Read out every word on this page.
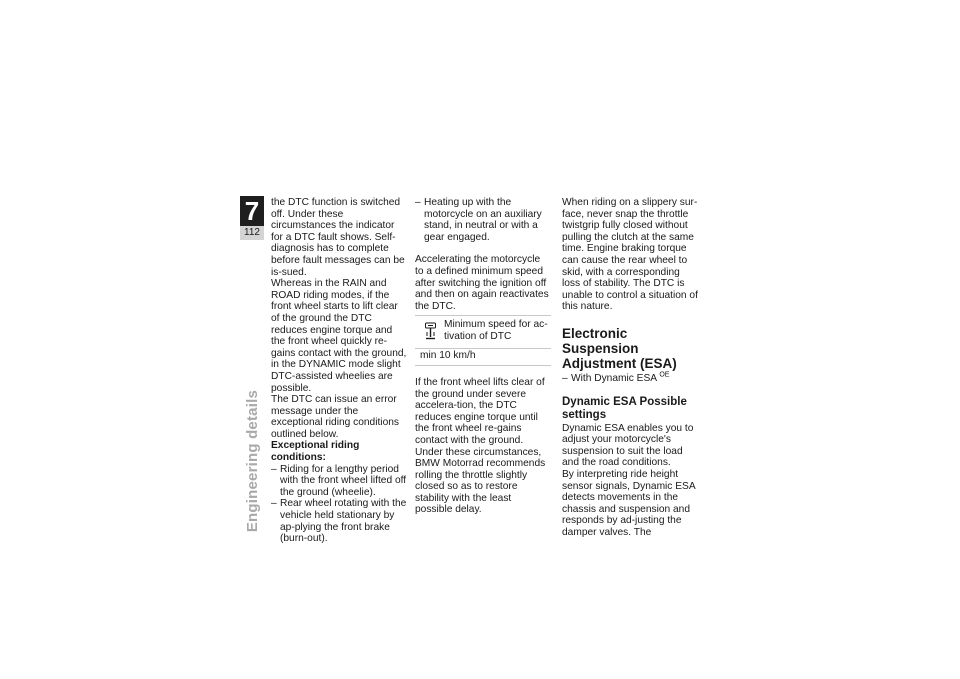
7
112
Engineering details

the DTC function is switched off. Under these circumstances the indicator for a DTC fault shows. Self-diagnosis has to complete before fault messages can be is-sued.

Whereas in the RAIN and ROAD riding modes, if the front wheel starts to lift clear of the ground the DTC reduces engine torque and the front wheel quickly re-gains contact with the ground, in the DYNAMIC mode slight DTC-assisted wheelies are possible.

The DTC can issue an error message under the exceptional riding conditions outlined below.

Exceptional riding conditions:

– Riding for a lengthy period with the front wheel lifted off the ground (wheelie).
– Rear wheel rotating with the vehicle held stationary by ap-plying the front brake (burn-out).
– Heating up with the motorcycle on an auxiliary stand, in neutral or with a gear engaged.

Accelerating the motorcycle to a defined minimum speed after switching the ignition off and then on again reactivates the DTC.

Minimum speed for ac-tivation of DTC
min 10 km/h

If the front wheel lifts clear of the ground under severe accelera-tion, the DTC reduces engine torque until the front wheel re-gains contact with the ground. Under these circumstances, BMW Motorrad recommends rolling the throttle slightly closed so as to restore stability with the least possible delay.

When riding on a slippery sur-face, never snap the throttle twistgrip fully closed without pulling the clutch at the same time. Engine braking torque can cause the rear wheel to skid, with a corresponding loss of stability. The DTC is unable to control a situation of this nature.

Electronic Suspension Adjustment (ESA)
– With Dynamic ESA $^{OE}$
Dynamic ESA Possible settings

Dynamic ESA enables you to adjust your motorcycle's suspension to suit the load and the road conditions.

By interpreting ride height sensor signals, Dynamic ESA detects movements in the chassis and suspension and responds by ad-justing the damper valves. The
